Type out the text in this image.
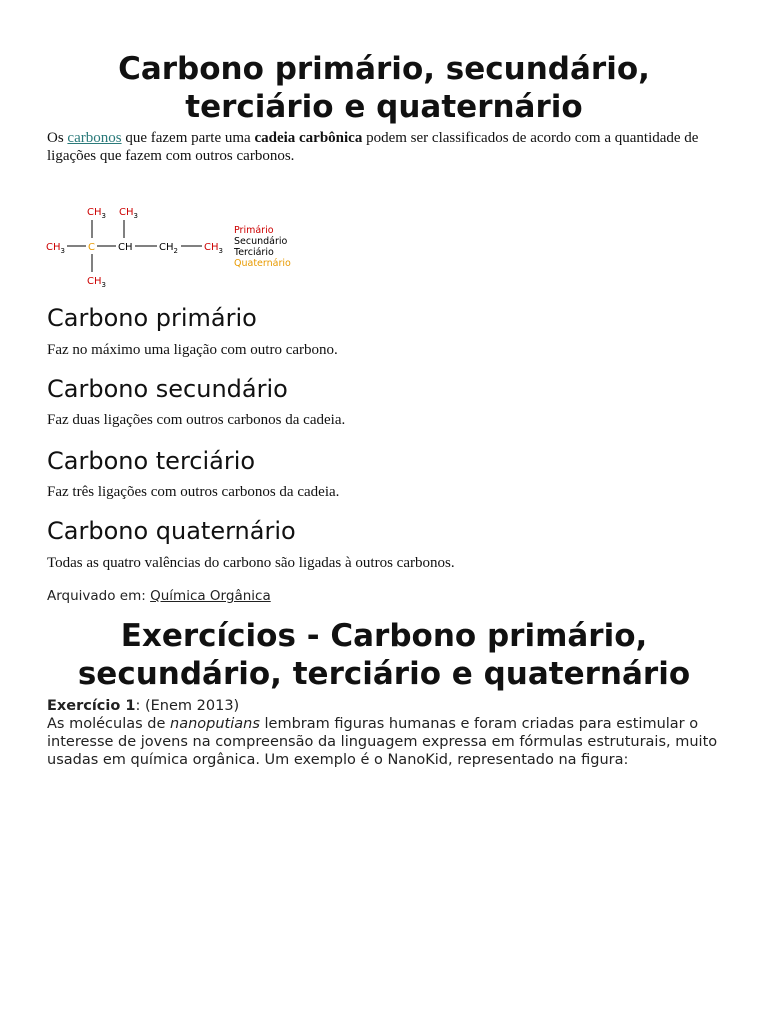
Carbono primário, secundário, terciário e quaternário
Os carbonos que fazem parte uma cadeia carbônica podem ser classificados de acordo com a quantidade de ligações que fazem com outros carbonos.
$CH_3$ $CH_3$
$CH_3$ C CH	$CH_2$	$CH_3$
$CH_3$
Primário
Secundário
Terciário
Quaternário
Carbono primário
Faz no máximo uma ligação com outro carbono.
Carbono secundário
Faz duas ligações com outros carbonos da cadeia.
Carbono terciário
Faz três ligações com outros carbonos da cadeia.
Carbono quaternário
Todas as quatro valências do carbono são ligadas à outros carbonos.
Arquivado em: Química Orgânica
Exercícios - Carbono primário, secundário, terciário e quaternário
Exercício 1: (Enem 2013)
As moléculas de nanoputians lembram figuras humanas e foram criadas para estimular o interesse de jovens na compreensão da linguagem expressa em fórmulas estruturais, muito usadas em química orgânica. Um exemplo é o NanoKid, representado na figura:
